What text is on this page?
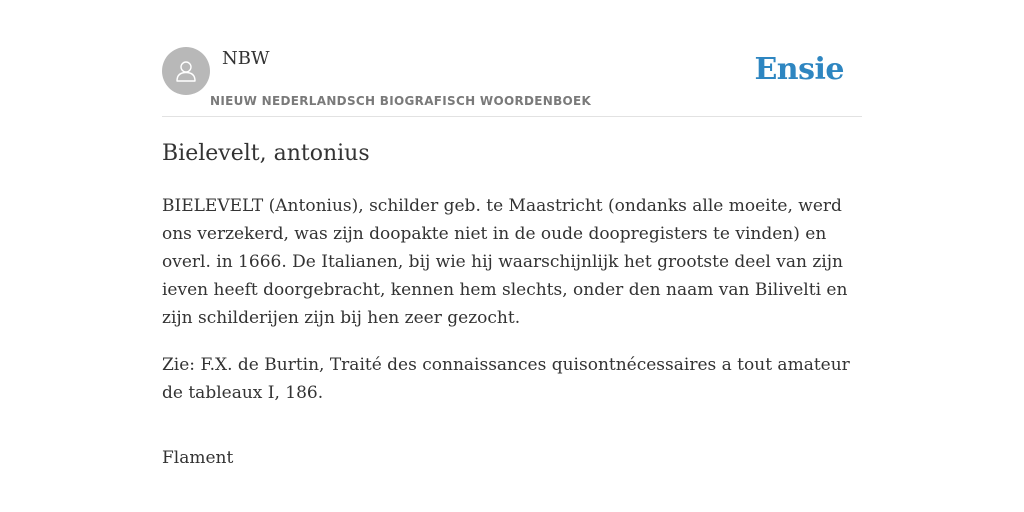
NBW
NIEUW NEDERLANDSCH BIOGRAFISCH WOORDENBOEK
Ensie
Bielevelt, antonius

BIELEVELT (Antonius), schilder geb. te Maastricht (ondanks alle moeite, werd ons verzekerd, was zijn doopakte niet in de oude doopregisters te vinden) en overl. in 1666. De Italianen, bij wie hij waarschijnlijk het grootste deel van zijn ieven heeft doorgebracht, kennen hem slechts, onder den naam van Bilivelti en zijn schilderijen zijn bij hen zeer gezocht.

Zie: F.X. de Burtin, Traité des connaissances quisontnécessaires a tout amateur de tableaux I, 186.

Flament
